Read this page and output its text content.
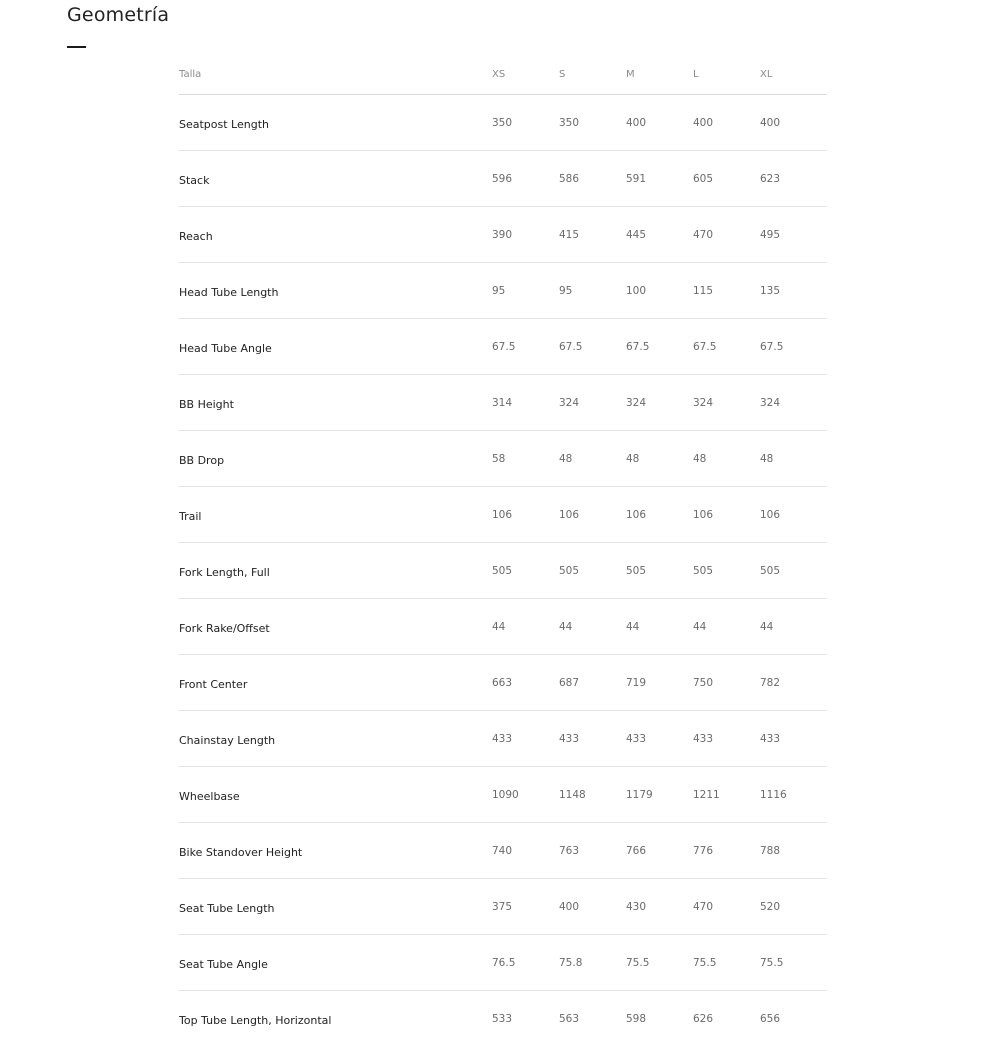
Geometría
Talla	XS	S	M	L	XL
Seatpost Length	350	350	400	400	400
Stack	596	586	591	605	623
Reach	390	415	445	470	495
Head Tube Length	95	95	100	115	135
Head Tube Angle	67.5	67.5	67.5	67.5	67.5
BB Height	314	324	324	324	324
BB Drop	58	48	48	48	48
Trail	106	106	106	106	106
Fork Length, Full	505	505	505	505	505
Fork Rake/Offset	44	44	44	44	44
Front Center	663	687	719	750	782
Chainstay Length	433	433	433	433	433
Wheelbase	1090	1148	1179	1211	1116
Bike Standover Height	740	763	766	776	788
Seat Tube Length	375	400	430	470	520
Seat Tube Angle	76.5	75.8	75.5	75.5	75.5
Top Tube Length, Horizontal	533	563	598	626	656
